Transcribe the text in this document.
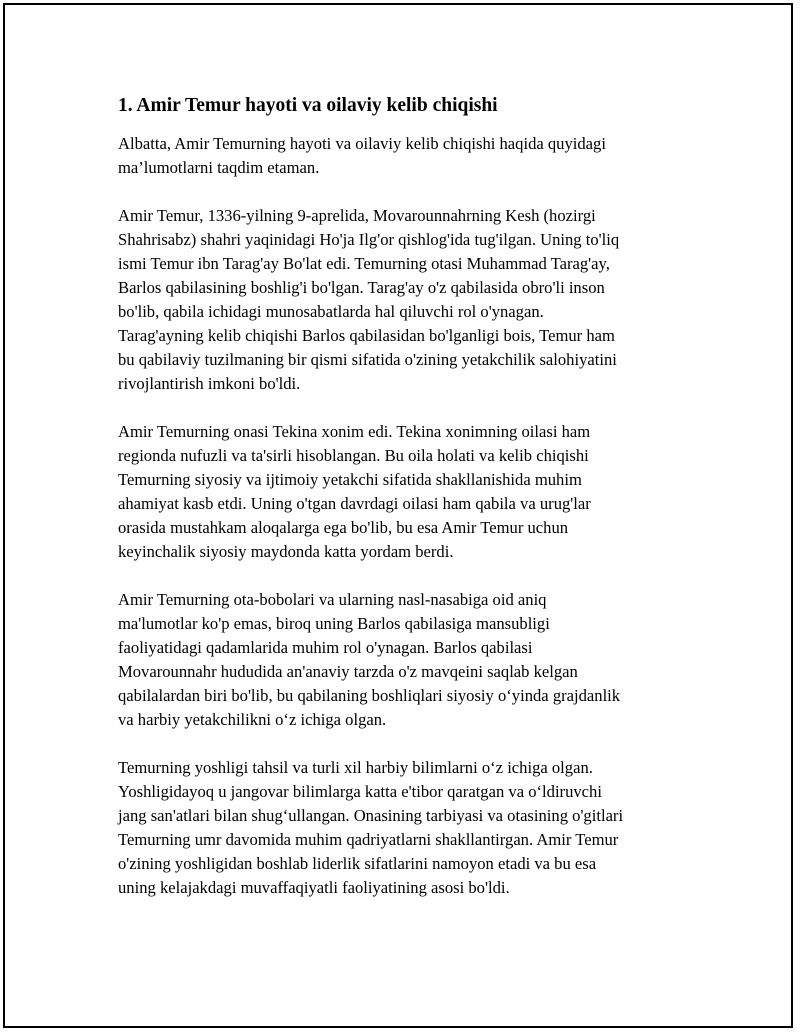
1. Amir Temur hayoti va oilaviy kelib chiqishi

Albatta, Amir Temurning hayoti va oilaviy kelib chiqishi haqida quyidagi
ma’lumotlarni taqdim etaman.

Amir Temur, 1336-yilning 9-aprelida, Movarounnahrning Kesh (hozirgi
Shahrisabz) shahri yaqinidagi Ho'ja Ilg'or qishlog'ida tug'ilgan. Uning to'liq
ismi Temur ibn Tarag'ay Bo'lat edi. Temurning otasi Muhammad Tarag'ay,
Barlos qabilasining boshlig'i bo'lgan. Tarag'ay o'z qabilasida obro'li inson
bo'lib, qabila ichidagi munosabatlarda hal qiluvchi rol o'ynagan.
Tarag'ayning kelib chiqishi Barlos qabilasidan bo'lganligi bois, Temur ham
bu qabilaviy tuzilmaning bir qismi sifatida o'zining yetakchilik salohiyatini
rivojlantirish imkoni bo'ldi.

Amir Temurning onasi Tekina xonim edi. Tekina xonimning oilasi ham
regionda nufuzli va ta'sirli hisoblangan. Bu oila holati va kelib chiqishi
Temurning siyosiy va ijtimoiy yetakchi sifatida shakllanishida muhim
ahamiyat kasb etdi. Uning o'tgan davrdagi oilasi ham qabila va urug'lar
orasida mustahkam aloqalarga ega bo'lib, bu esa Amir Temur uchun
keyinchalik siyosiy maydonda katta yordam berdi.

Amir Temurning ota-bobolari va ularning nasl-nasabiga oid aniq
ma'lumotlar ko'p emas, biroq uning Barlos qabilasiga mansubligi
faoliyatidagi qadamlarida muhim rol o'ynagan. Barlos qabilasi
Movarounnahr hududida an'anaviy tarzda o'z mavqeini saqlab kelgan
qabilalardan biri bo'lib, bu qabilaning boshliqlari siyosiy o‘yinda grajdanlik
va harbiy yetakchilikni o‘z ichiga olgan.

Temurning yoshligi tahsil va turli xil harbiy bilimlarni o‘z ichiga olgan.
Yoshligidayoq u jangovar bilimlarga katta e'tibor qaratgan va o‘ldiruvchi
jang san'atlari bilan shug‘ullangan. Onasining tarbiyasi va otasining o'gitlari
Temurning umr davomida muhim qadriyatlarni shakllantirgan. Amir Temur
o'zining yoshligidan boshlab liderlik sifatlarini namoyon etadi va bu esa
uning kelajakdagi muvaffaqiyatli faoliyatining asosi bo'ldi.
